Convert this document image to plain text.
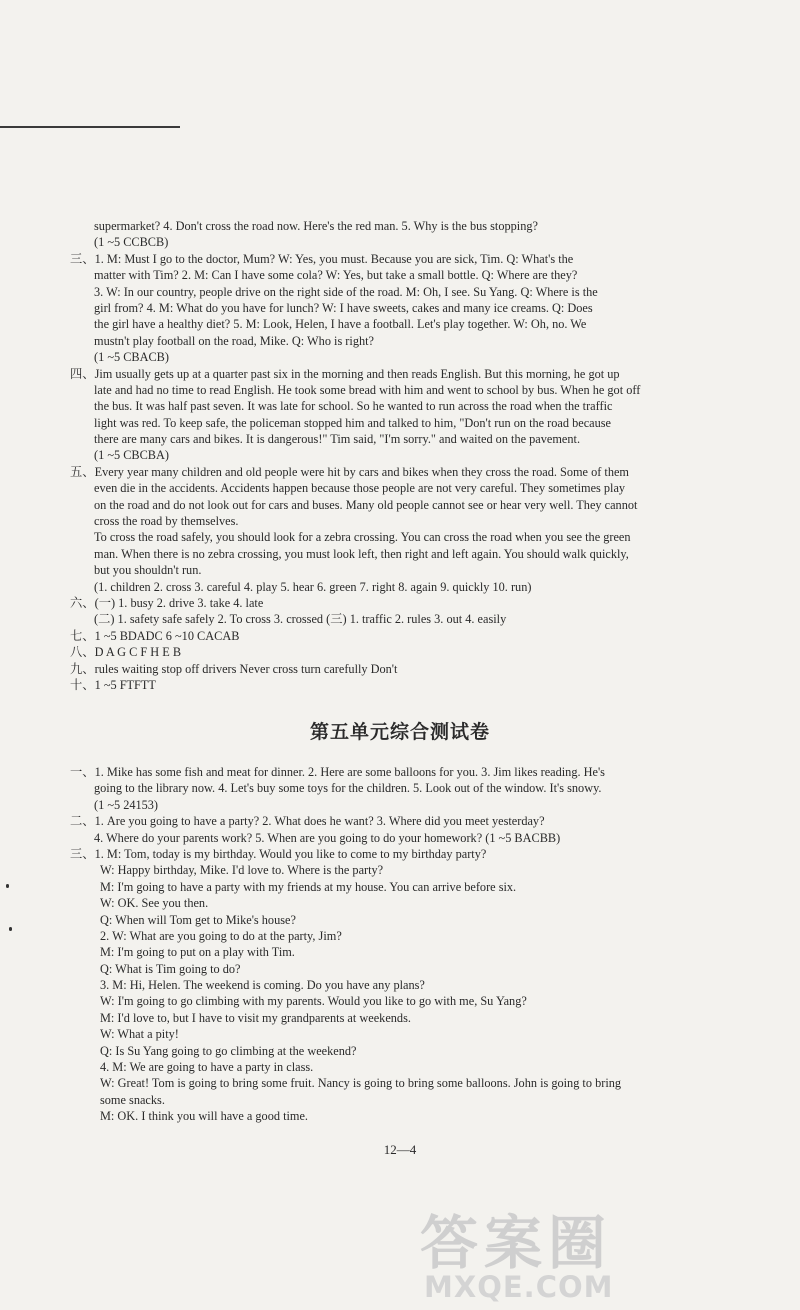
supermarket? 4. Don't cross the road now. Here's the red man. 5. Why is the bus stopping?
(1 ~5 CCBCB)
三、1. M: Must I go to the doctor, Mum? W: Yes, you must. Because you are sick, Tim. Q: What's the
matter with Tim? 2. M: Can I have some cola? W: Yes, but take a small bottle. Q: Where are they?
3. W: In our country, people drive on the right side of the road. M: Oh, I see. Su Yang. Q: Where is the
girl from? 4. M: What do you have for lunch? W: I have sweets, cakes and many ice creams. Q: Does
the girl have a healthy diet? 5. M: Look, Helen, I have a football. Let's play together. W: Oh, no. We
mustn't play football on the road, Mike. Q: Who is right?
(1 ~5 CBACB)
四、Jim usually gets up at a quarter past six in the morning and then reads English. But this morning, he got up
late and had no time to read English. He took some bread with him and went to school by bus. When he got off
the bus. It was half past seven. It was late for school. So he wanted to run across the road when the traffic
light was red. To keep safe, the policeman stopped him and talked to him, "Don't run on the road because
there are many cars and bikes. It is dangerous!" Tim said, "I'm sorry." and waited on the pavement.
(1 ~5 CBCBA)
五、Every year many children and old people were hit by cars and bikes when they cross the road. Some of them
even die in the accidents. Accidents happen because those people are not very careful. They sometimes play
on the road and do not look out for cars and buses. Many old people cannot see or hear very well. They cannot
cross the road by themselves.
To cross the road safely, you should look for a zebra crossing. You can cross the road when you see the green
man. When there is no zebra crossing, you must look left, then right and left again. You should walk quickly,
but you shouldn't run.
(1. children 2. cross 3. careful 4. play 5. hear 6. green 7. right 8. again 9. quickly 10. run)
六、(一) 1. busy 2. drive 3. take 4. late
(二) 1. safety safe safely 2. To cross 3. crossed (三) 1. traffic 2. rules 3. out 4. easily
七、1 ~5 BDADC 6 ~10 CACAB
八、D A G C F H E B
九、rules waiting stop off drivers Never cross turn carefully Don't
十、1 ~5 FTFTT
第五单元综合测试卷
一、1. Mike has some fish and meat for dinner. 2. Here are some balloons for you. 3. Jim likes reading. He's
going to the library now. 4. Let's buy some toys for the children. 5. Look out of the window. It's snowy.
(1 ~5 24153)
二、1. Are you going to have a party? 2. What does he want? 3. Where did you meet yesterday?
4. Where do your parents work? 5. When are you going to do your homework? (1 ~5 BACBB)
三、1. M: Tom, today is my birthday. Would you like to come to my birthday party?
W: Happy birthday, Mike. I'd love to. Where is the party?
M: I'm going to have a party with my friends at my house. You can arrive before six.
W: OK. See you then.
Q: When will Tom get to Mike's house?
2. W: What are you going to do at the party, Jim?
M: I'm going to put on a play with Tim.
Q: What is Tim going to do?
3. M: Hi, Helen. The weekend is coming. Do you have any plans?
W: I'm going to go climbing with my parents. Would you like to go with me, Su Yang?
M: I'd love to, but I have to visit my grandparents at weekends.
W: What a pity!
Q: Is Su Yang going to go climbing at the weekend?
4. M: We are going to have a party in class.
W: Great! Tom is going to bring some fruit. Nancy is going to bring some balloons. John is going to bring
some snacks.
M: OK. I think you will have a good time.
12—4
答案圈
MXQE.COM
